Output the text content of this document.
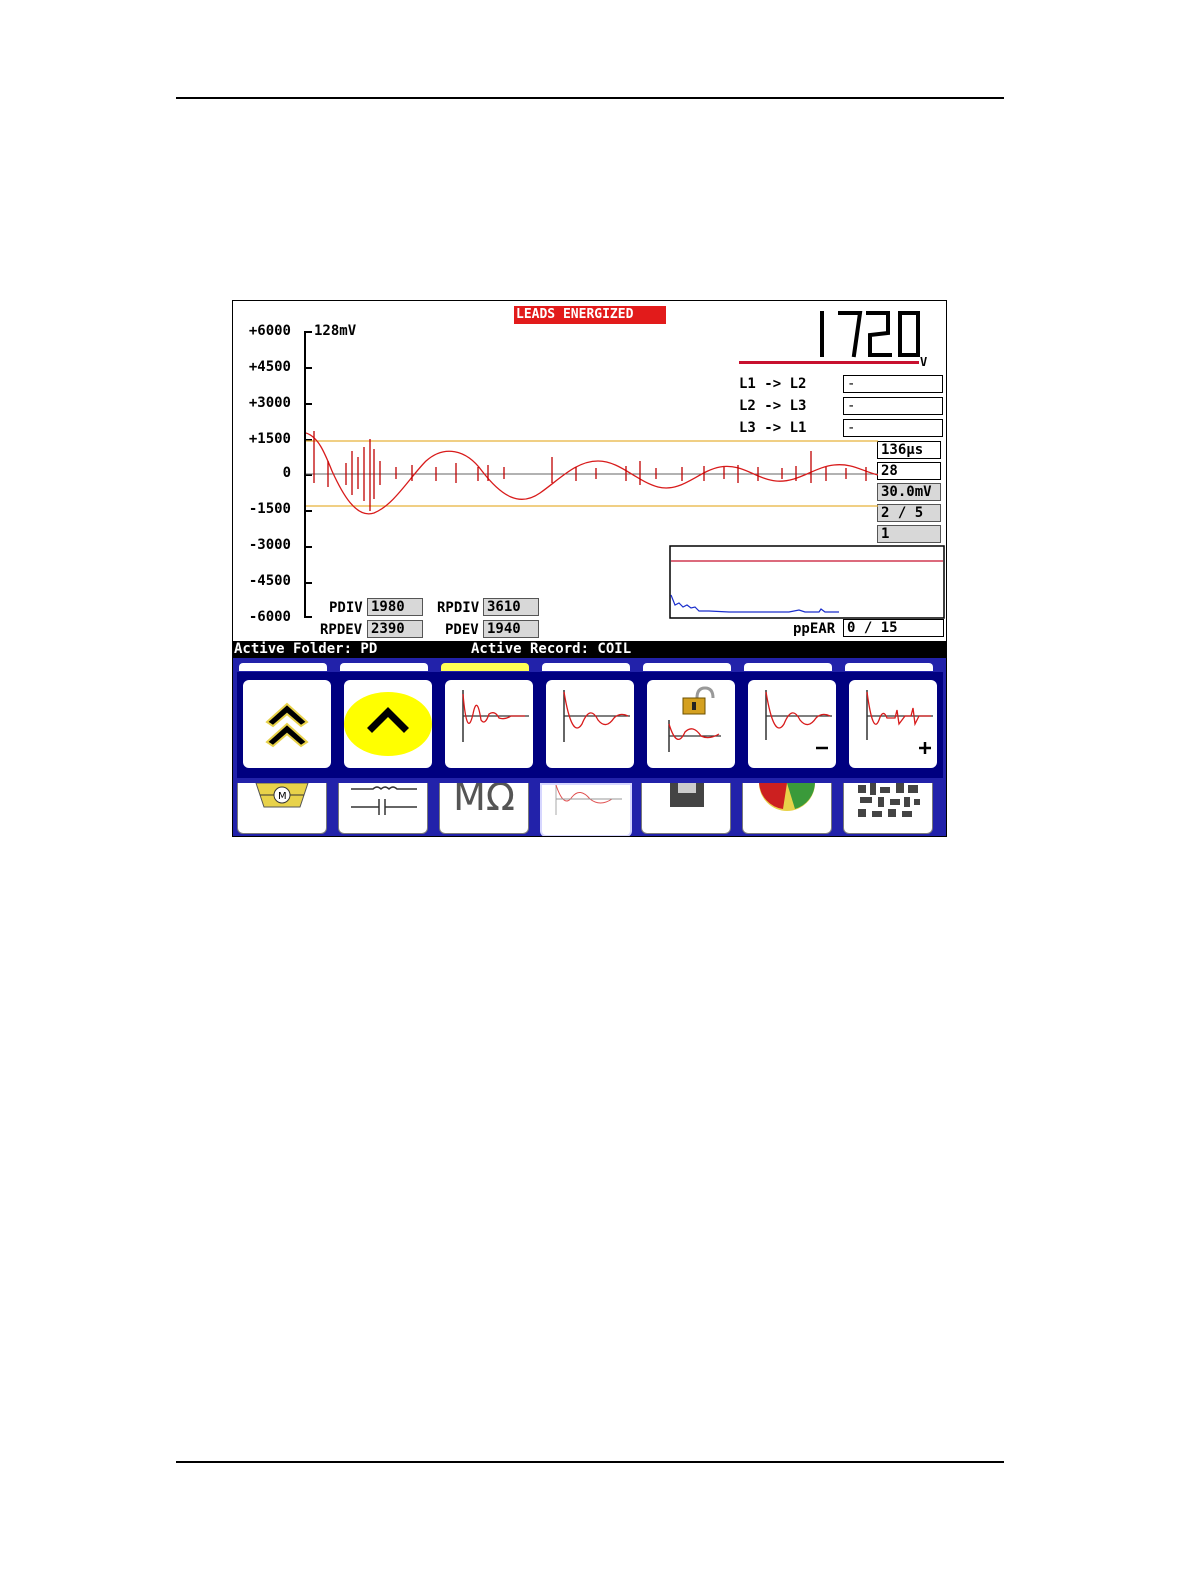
+6000
+4500
+3000
+1500
0
-1500
-3000
-4500
-6000
128mV
LEADS ENERGIZED
V
L1 -> L2	-
L2 -> L3	-
L3 -> L1	-
136µs
28
30.0mV
2 / 5
1
PDIV 1980	RPDIV 3610
RPDEV 2390	PDEV 1940	ppEAR 0 / 15
Active Folder: PD	Active Record: COIL
M	MΩ
